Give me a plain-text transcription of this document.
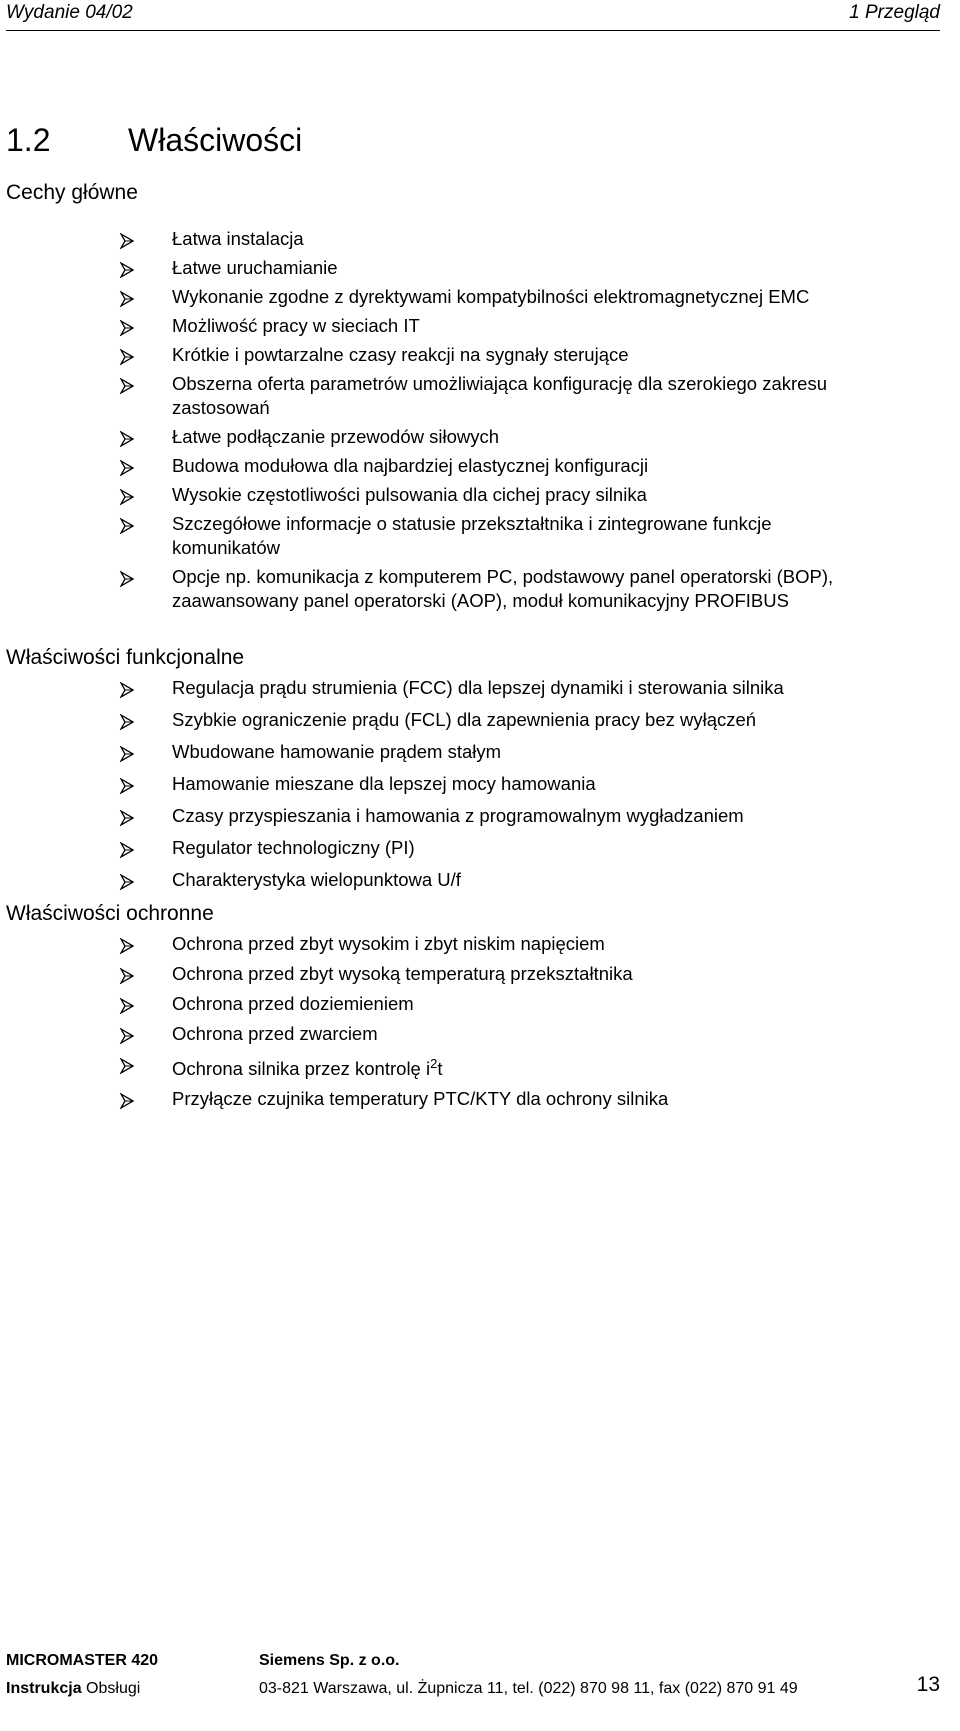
Wydanie 04/02	1 Przegląd
1.2 Właściwości
Cechy główne
Łatwa instalacja
Łatwe uruchamianie
Wykonanie zgodne z dyrektywami kompatybilności elektromagnetycznej EMC
Możliwość pracy w sieciach IT
Krótkie i powtarzalne czasy reakcji na sygnały sterujące
Obszerna oferta parametrów umożliwiająca konfigurację dla szerokiego zakresu zastosowań
Łatwe podłączanie przewodów siłowych
Budowa modułowa dla najbardziej elastycznej konfiguracji
Wysokie częstotliwości pulsowania dla cichej pracy silnika
Szczegółowe informacje o statusie przekształtnika i zintegrowane funkcje komunikatów
Opcje np. komunikacja z komputerem PC, podstawowy panel operatorski (BOP), zaawansowany panel operatorski (AOP), moduł komunikacyjny PROFIBUS
Właściwości funkcjonalne
Regulacja prądu strumienia (FCC) dla lepszej dynamiki i sterowania silnika
Szybkie ograniczenie prądu (FCL) dla zapewnienia pracy bez wyłączeń
Wbudowane hamowanie prądem stałym
Hamowanie mieszane dla lepszej mocy hamowania
Czasy przyspieszania i hamowania z programowalnym wygładzaniem
Regulator technologiczny (PI)
Charakterystyka wielopunktowa U/f
Właściwości ochronne
Ochrona przed zbyt wysokim i zbyt niskim napięciem
Ochrona przed zbyt wysoką temperaturą przekształtnika
Ochrona przed doziemieniem
Ochrona przed zwarciem
Ochrona silnika przez kontrolę $i^2t$
Przyłącze czujnika temperatury PTC/KTY dla ochrony silnika
MICROMASTER 420	Siemens Sp. z o.o.
Instrukcja Obsługi	03-821 Warszawa, ul. Żupnicza 11, tel. (022) 870 98 11, fax (022) 870 91 49	13
